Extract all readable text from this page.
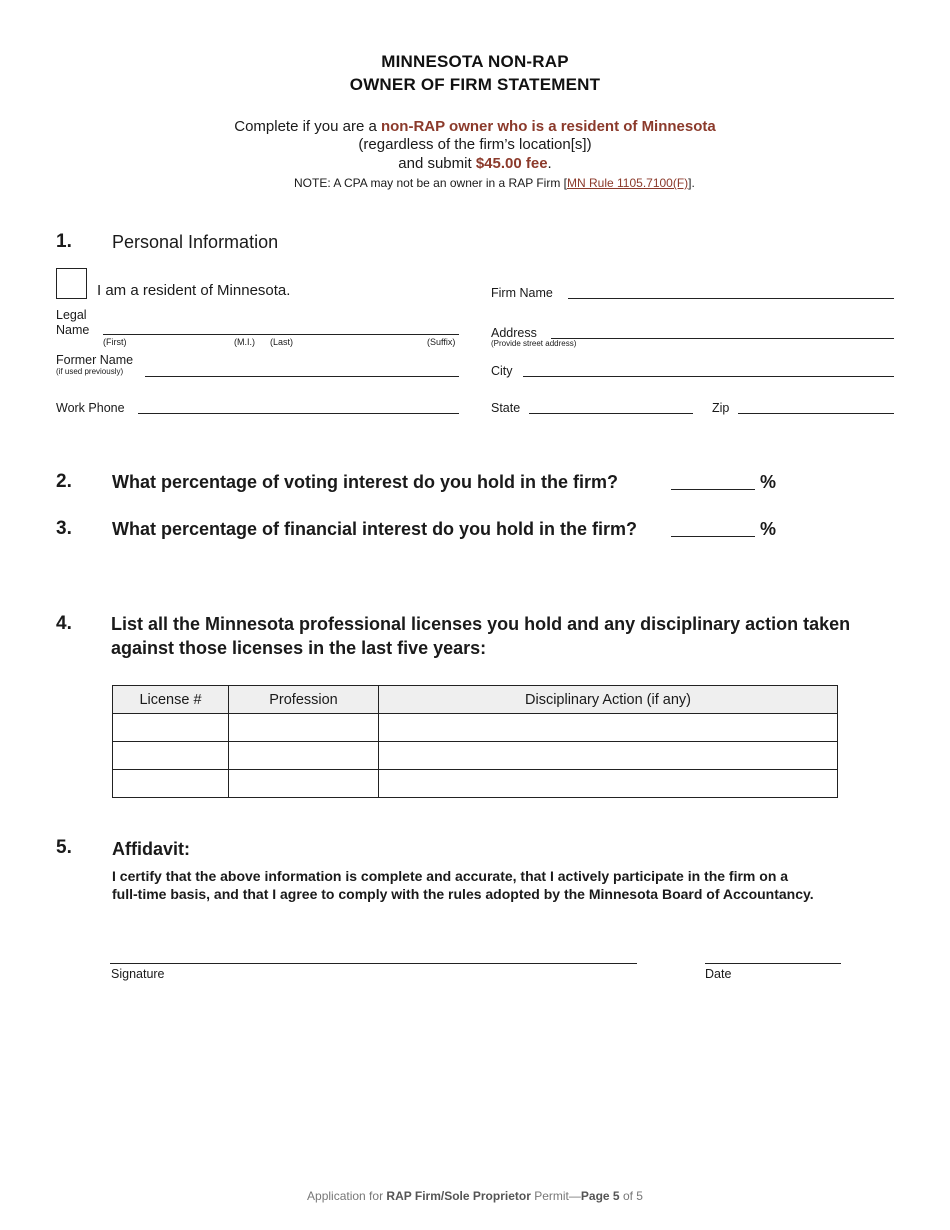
MINNESOTA NON-RAP
OWNER OF FIRM STATEMENT
Complete if you are a non-RAP owner who is a resident of Minnesota
(regardless of the firm’s location[s])
and submit $45.00 fee.
NOTE: A CPA may not be an owner in a RAP Firm [MN Rule 1105.7100(F)].
1. Personal Information
I am a resident of Minnesota.
Legal
Name
(First)	(M.I.) (Last)	(Suffix)
Former Name
(if used previously)
Work Phone
Firm Name
Address
(Provide street address)
City
State	Zip
2. What percentage of voting interest do you hold in the firm?	%
3. What percentage of financial interest do you hold in the firm?	%
4. List all the Minnesota professional licenses you hold and any disciplinary action taken
against those licenses in the last five years:
License #	Profession	Disciplinary Action (if any)

5. Affidavit:
I certify that the above information is complete and accurate, that I actively participate in the firm on a
full-time basis, and that I agree to comply with the rules adopted by the Minnesota Board of Accountancy.
Signature	Date
Application for RAP Firm/Sole Proprietor Permit—Page 5 of 5
